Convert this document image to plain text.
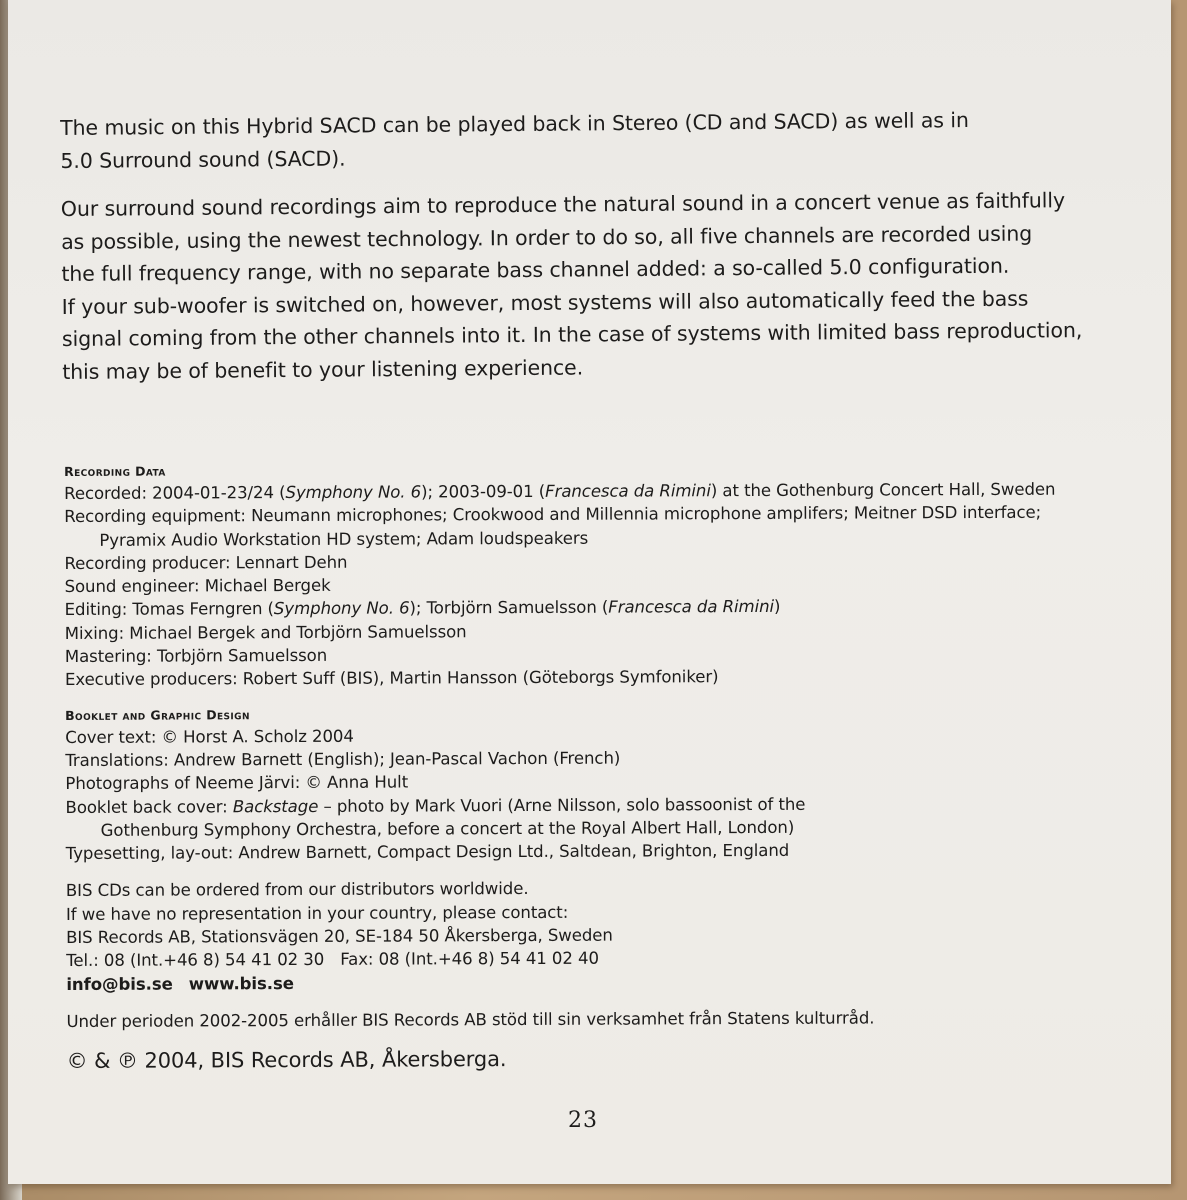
The music on this Hybrid SACD can be played back in Stereo (CD and SACD) as well as in
5.0 Surround sound (SACD).

Our surround sound recordings aim to reproduce the natural sound in a concert venue as faithfully
as possible, using the newest technology. In order to do so, all five channels are recorded using
the full frequency range, with no separate bass channel added: a so-called 5.0 configuration.
If your sub-woofer is switched on, however, most systems will also automatically feed the bass
signal coming from the other channels into it. In the case of systems with limited bass reproduction,
this may be of benefit to your listening experience.

Recording Data
Recorded: 2004-01-23/24 (Symphony No. 6); 2003-09-01 (Francesca da Rimini) at the Gothenburg Concert Hall, Sweden
Recording equipment: Neumann microphones; Crookwood and Millennia microphone amplifers; Meitner DSD interface;
Pyramix Audio Workstation HD system; Adam loudspeakers
Recording producer: Lennart Dehn
Sound engineer: Michael Bergek
Editing: Tomas Ferngren (Symphony No. 6); Torbjörn Samuelsson (Francesca da Rimini)
Mixing: Michael Bergek and Torbjörn Samuelsson
Mastering: Torbjörn Samuelsson
Executive producers: Robert Suff (BIS), Martin Hansson (Göteborgs Symfoniker)
Booklet and Graphic Design
Cover text: © Horst A. Scholz 2004
Translations: Andrew Barnett (English); Jean-Pascal Vachon (French)
Photographs of Neeme Järvi: © Anna Hult
Booklet back cover: Backstage – photo by Mark Vuori (Arne Nilsson, solo bassoonist of the
Gothenburg Symphony Orchestra, before a concert at the Royal Albert Hall, London)
Typesetting, lay-out: Andrew Barnett, Compact Design Ltd., Saltdean, Brighton, England
BIS CDs can be ordered from our distributors worldwide.
If we have no representation in your country, please contact:
BIS Records AB, Stationsvägen 20, SE-184 50 Åkersberga, Sweden
Tel.: 08 (Int.+46 8) 54 41 02 30 Fax: 08 (Int.+46 8) 54 41 02 40
info@bis.se www.bis.se
Under perioden 2002-2005 erhåller BIS Records AB stöd till sin verksamhet från Statens kulturråd.
© & ℗ 2004, BIS Records AB, Åkersberga.
23
